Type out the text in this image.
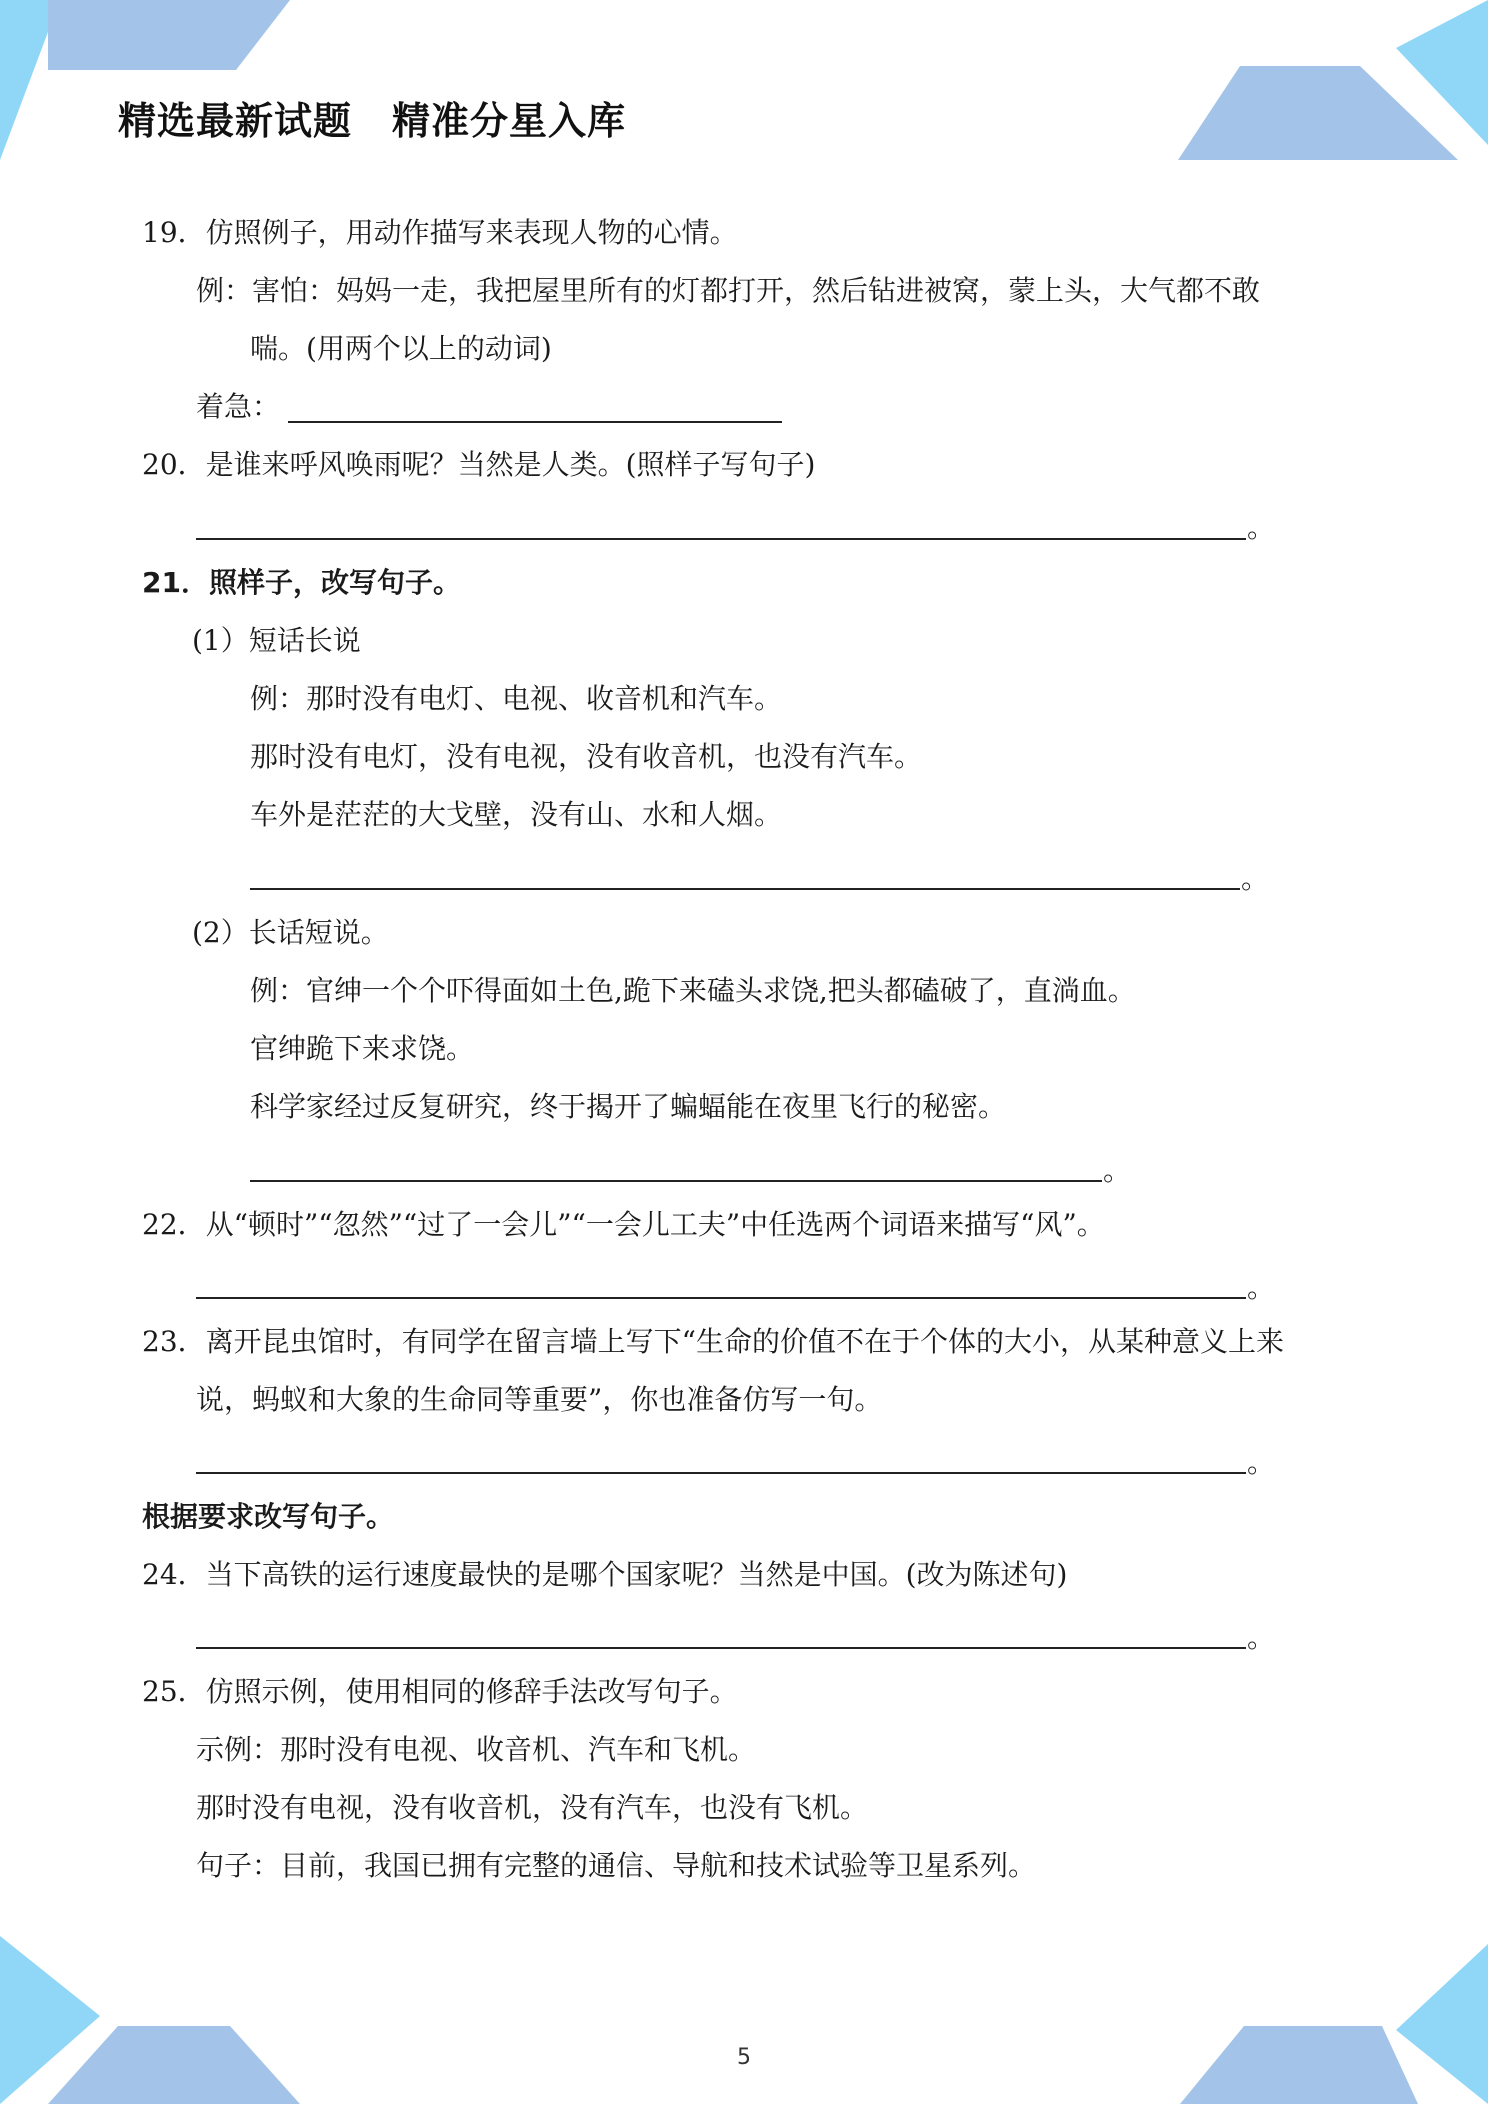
精选最新试题 精准分星入库
19．仿照例子，用动作描写来表现人物的心情。
例：害怕：妈妈一走，我把屋里所有的灯都打开，然后钻进被窝，蒙上头，大气都不敢
喘。(用两个以上的动词)
着急：
20．是谁来呼风唤雨呢？当然是人类。(照样子写句子)
。
21．照样子，改写句子。
(1）短话长说
例：那时没有电灯、电视、收音机和汽车。
那时没有电灯，没有电视，没有收音机，也没有汽车。
车外是茫茫的大戈壁，没有山、水和人烟。
。
(2）长话短说。
例：官绅一个个吓得面如土色,跪下来磕头求饶,把头都磕破了，直淌血。
官绅跪下来求饶。
科学家经过反复研究，终于揭开了蝙蝠能在夜里飞行的秘密。
。
22．从“顿时”“忽然”“过了一会儿”“一会儿工夫”中任选两个词语来描写“风”。
。
23．离开昆虫馆时，有同学在留言墙上写下“生命的价值不在于个体的大小，从某种意义上来
说，蚂蚁和大象的生命同等重要”，你也准备仿写一句。
。
根据要求改写句子。
24．当下高铁的运行速度最快的是哪个国家呢？当然是中国。(改为陈述句)
。
25．仿照示例，使用相同的修辞手法改写句子。
示例：那时没有电视、收音机、汽车和飞机。
那时没有电视，没有收音机，没有汽车，也没有飞机。
句子：目前，我国已拥有完整的通信、导航和技术试验等卫星系列。
5
